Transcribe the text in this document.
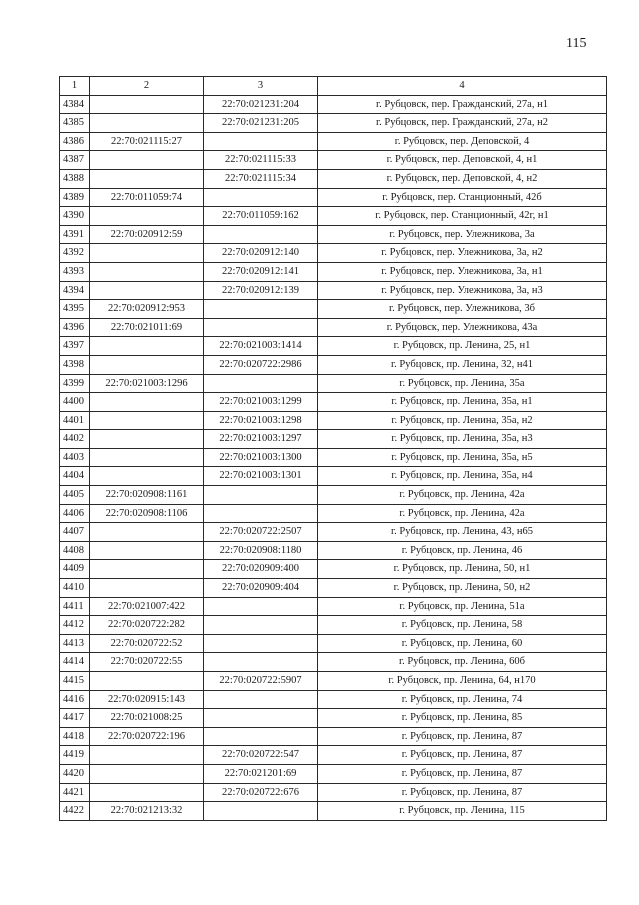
115
1	2	3	4
4384		22:70:021231:204	г. Рубцовск, пер. Гражданский, 27а, н1
4385		22:70:021231:205	г. Рубцовск, пер. Гражданский, 27а, н2
4386	22:70:021115:27		г. Рубцовск, пер. Деповской, 4
4387		22:70:021115:33	г. Рубцовск, пер. Деповской, 4, н1
4388		22:70:021115:34	г. Рубцовск, пер. Деповской, 4, н2
4389	22:70:011059:74		г. Рубцовск, пер. Станционный, 42б
4390		22:70:011059:162	г. Рубцовск, пер. Станционный, 42г, н1
4391	22:70:020912:59		г. Рубцовск, пер. Улежникова, 3а
4392		22:70:020912:140	г. Рубцовск, пер. Улежникова, 3а, н2
4393		22:70:020912:141	г. Рубцовск, пер. Улежникова, 3а, н1
4394		22:70:020912:139	г. Рубцовск, пер. Улежникова, 3а, н3
4395	22:70:020912:953		г. Рубцовск, пер. Улежникова, 3б
4396	22:70:021011:69		г. Рубцовск, пер. Улежникова, 43а
4397		22:70:021003:1414	г. Рубцовск, пр. Ленина, 25, н1
4398		22:70:020722:2986	г. Рубцовск, пр. Ленина, 32, н41
4399	22:70:021003:1296		г. Рубцовск, пр. Ленина, 35а
4400		22:70:021003:1299	г. Рубцовск, пр. Ленина, 35а, н1
4401		22:70:021003:1298	г. Рубцовск, пр. Ленина, 35а, н2
4402		22:70:021003:1297	г. Рубцовск, пр. Ленина, 35а, н3
4403		22:70:021003:1300	г. Рубцовск, пр. Ленина, 35а, н5
4404		22:70:021003:1301	г. Рубцовск, пр. Ленина, 35а, н4
4405	22:70:020908:1161		г. Рубцовск, пр. Ленина, 42а
4406	22:70:020908:1106		г. Рубцовск, пр. Ленина, 42а
4407		22:70:020722:2507	г. Рубцовск, пр. Ленина, 43, н65
4408		22:70:020908:1180	г. Рубцовск, пр. Ленина, 46
4409		22:70:020909:400	г. Рубцовск, пр. Ленина, 50, н1
4410		22:70:020909:404	г. Рубцовск, пр. Ленина, 50, н2
4411	22:70:021007:422		г. Рубцовск, пр. Ленина, 51а
4412	22:70:020722:282		г. Рубцовск, пр. Ленина, 58
4413	22:70:020722:52		г. Рубцовск, пр. Ленина, 60
4414	22:70:020722:55		г. Рубцовск, пр. Ленина, 60б
4415		22:70:020722:5907	г. Рубцовск, пр. Ленина, 64, н170
4416	22:70:020915:143		г. Рубцовск, пр. Ленина, 74
4417	22:70:021008:25		г. Рубцовск, пр. Ленина, 85
4418	22:70:020722:196		г. Рубцовск, пр. Ленина, 87
4419		22:70:020722:547	г. Рубцовск, пр. Ленина, 87
4420		22:70:021201:69	г. Рубцовск, пр. Ленина, 87
4421		22:70:020722:676	г. Рубцовск, пр. Ленина, 87
4422	22:70:021213:32		г. Рубцовск, пр. Ленина, 115
